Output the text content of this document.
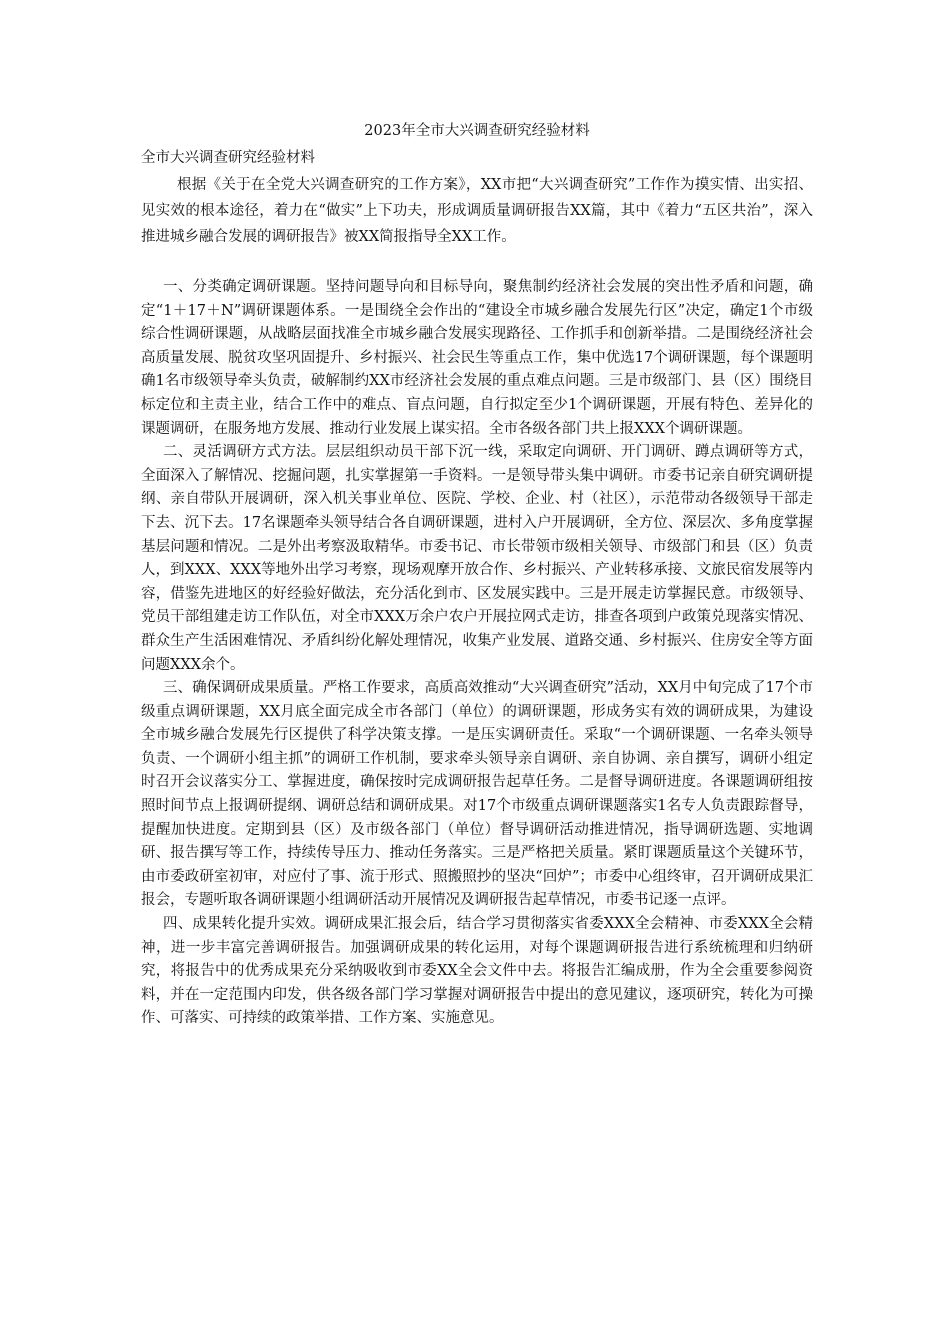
2023年全市大兴调查研究经验材料

全市大兴调查研究经验材料

根据《关于在全党大兴调查研究的工作方案》，XX市把“大兴调查研究”工作作为摸实情、出实招、见实效的根本途径，着力在“做实”上下功夫，形成调质量调研报告XX篇，其中《着力“五区共治”，深入推进城乡融合发展的调研报告》被XX简报指导全XX工作。

一、分类确定调研课题。坚持问题导向和目标导向，聚焦制约经济社会发展的突出性矛盾和问题，确定“1＋17＋N”调研课题体系。一是围绕全会作出的“建设全市城乡融合发展先行区”决定，确定1个市级综合性调研课题，从战略层面找准全市城乡融合发展实现路径、工作抓手和创新举措。二是围绕经济社会高质量发展、脱贫攻坚巩固提升、乡村振兴、社会民生等重点工作，集中优选17个调研课题，每个课题明确1名市级领导牵头负责，破解制约XX市经济社会发展的重点难点问题。三是市级部门、县（区）围绕目标定位和主责主业，结合工作中的难点、盲点问题，自行拟定至少1个调研课题，开展有特色、差异化的课题调研，在服务地方发展、推动行业发展上谋实招。全市各级各部门共上报XXX个调研课题。

二、灵活调研方式方法。层层组织动员干部下沉一线，采取定向调研、开门调研、蹲点调研等方式，全面深入了解情况、挖掘问题，扎实掌握第一手资料。一是领导带头集中调研。市委书记亲自研究调研提纲、亲自带队开展调研，深入机关事业单位、医院、学校、企业、村（社区），示范带动各级领导干部走下去、沉下去。17名课题牵头领导结合各自调研课题，进村入户开展调研，全方位、深层次、多角度掌握基层问题和情况。二是外出考察汲取精华。市委书记、市长带领市级相关领导、市级部门和县（区）负责人，到XXX、XXX等地外出学习考察，现场观摩开放合作、乡村振兴、产业转移承接、文旅民宿发展等内容，借鉴先进地区的好经验好做法，充分活化到市、区发展实践中。三是开展走访掌握民意。市级领导、党员干部组建走访工作队伍，对全市XXX万余户农户开展拉网式走访，排查各项到户政策兑现落实情况、群众生产生活困难情况、矛盾纠纷化解处理情况，收集产业发展、道路交通、乡村振兴、住房安全等方面问题XXX余个。

三、确保调研成果质量。严格工作要求，高质高效推动“大兴调查研究”活动，XX月中旬完成了17个市级重点调研课题，XX月底全面完成全市各部门（单位）的调研课题，形成务实有效的调研成果，为建设全市城乡融合发展先行区提供了科学决策支撑。一是压实调研责任。采取“一个调研课题、一名牵头领导负责、一个调研小组主抓”的调研工作机制，要求牵头领导亲自调研、亲自协调、亲自撰写，调研小组定时召开会议落实分工、掌握进度，确保按时完成调研报告起草任务。二是督导调研进度。各课题调研组按照时间节点上报调研提纲、调研总结和调研成果。对17个市级重点调研课题落实1名专人负责跟踪督导，提醒加快进度。定期到县（区）及市级各部门（单位）督导调研活动推进情况，指导调研选题、实地调研、报告撰写等工作，持续传导压力、推动任务落实。三是严格把关质量。紧盯课题质量这个关键环节，由市委政研室初审，对应付了事、流于形式、照搬照抄的坚决“回炉”；市委中心组终审，召开调研成果汇报会，专题听取各调研课题小组调研活动开展情况及调研报告起草情况，市委书记逐一点评。

四、成果转化提升实效。调研成果汇报会后，结合学习贯彻落实省委XXX全会精神、市委XXX全会精神，进一步丰富完善调研报告。加强调研成果的转化运用，对每个课题调研报告进行系统梳理和归纳研究，将报告中的优秀成果充分采纳吸收到市委XX全会文件中去。将报告汇编成册，作为全会重要参阅资料，并在一定范围内印发，供各级各部门学习掌握对调研报告中提出的意见建议，逐项研究，转化为可操作、可落实、可持续的政策举措、工作方案、实施意见。
